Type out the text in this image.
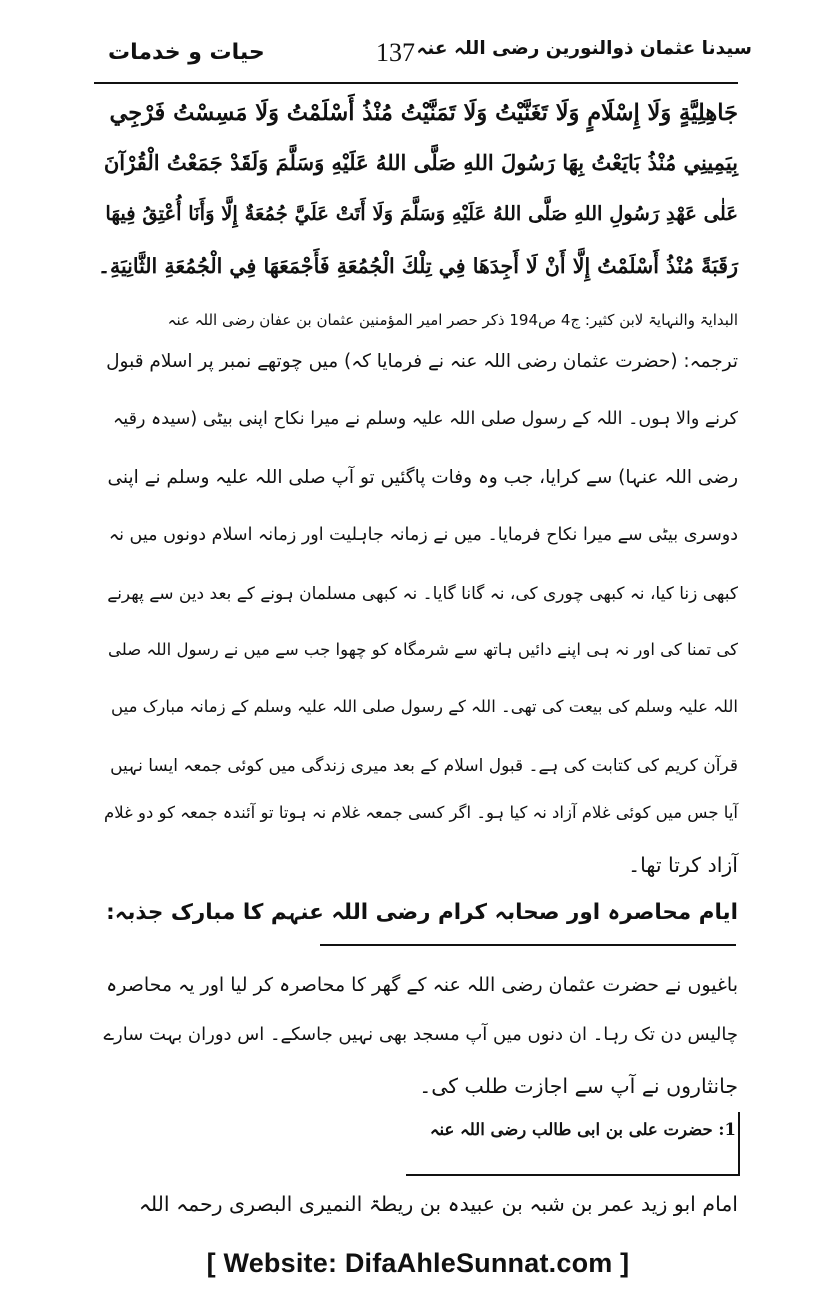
سیدنا عثمان ذوالنورین رضی اللہ عنہ
137
حیات و خدمات
جَاهِلِيَّةٍ وَلَا إِسْلَامٍ وَلَا تَغَنَّيْتُ وَلَا تَمَنَّيْتُ مُنْذُ أَسْلَمْتُ وَلَا مَسِسْتُ فَرْجِي
بِيَمِينِي مُنْذُ بَايَعْتُ بِهَا رَسُولَ اللهِ صَلَّى اللهُ عَلَيْهِ وَسَلَّمَ وَلَقَدْ جَمَعْتُ الْقُرْآنَ
عَلٰى عَهْدِ رَسُولِ اللهِ صَلَّى اللهُ عَلَيْهِ وَسَلَّمَ وَلَا أَتَتْ عَلَيَّ جُمُعَةٌ إِلَّا وَأَنَا أُعْتِقُ فِيهَا
رَقَبَةً مُنْذُ أَسْلَمْتُ إِلَّا أَنْ لَا أَجِدَهَا فِي تِلْكَ الْجُمُعَةِ فَأَجْمَعَهَا فِي الْجُمُعَةِ الثَّانِيَةِ۔
البدایۃ والنہایۃ لابن کثیر: ج4 ص194 ذکر حصر امیر المؤمنین عثمان بن عفان رضی اللہ عنہ
ترجمہ: (حضرت عثمان رضی اللہ عنہ نے فرمایا کہ) میں چوتھے نمبر پر اسلام قبول
کرنے والا ہوں۔ اللہ کے رسول صلی اللہ علیہ وسلم نے میرا نکاح اپنی بیٹی (سیدہ رقیہ
رضی اللہ عنہا) سے کرایا، جب وہ وفات پاگئیں تو آپ صلی اللہ علیہ وسلم نے اپنی
دوسری بیٹی سے میرا نکاح فرمایا۔ میں نے زمانہ جاہلیت اور زمانہ اسلام دونوں میں نہ
کبھی زنا کیا، نہ کبھی چوری کی، نہ گانا گایا۔ نہ کبھی مسلمان ہونے کے بعد دین سے پھرنے
کی تمنا کی اور نہ ہی اپنے دائیں ہاتھ سے شرمگاہ کو چھوا جب سے میں نے رسول اللہ صلی
اللہ علیہ وسلم کی بیعت کی تھی۔ اللہ کے رسول صلی اللہ علیہ وسلم کے زمانہ مبارک میں
قرآن کریم کی کتابت کی ہے۔ قبول اسلام کے بعد میری زندگی میں کوئی جمعہ ایسا نہیں
آیا جس میں کوئی غلام آزاد نہ کیا ہو۔ اگر کسی جمعہ غلام نہ ہوتا تو آئندہ جمعہ کو دو غلام
آزاد کرتا تھا۔
ایام محاصرہ اور صحابہ کرام رضی اللہ عنہم کا مبارک جذبہ:
باغیوں نے حضرت عثمان رضی اللہ عنہ کے گھر کا محاصرہ کر لیا اور یہ محاصرہ
چالیس دن تک رہا۔ ان دنوں میں آپ مسجد بھی نہیں جاسکے۔ اس دوران بہت سارے
جانثاروں نے آپ سے اجازت طلب کی۔
1: حضرت علی بن ابی طالب رضی اللہ عنہ
امام ابو زید عمر بن شبہ بن عبیدہ بن ریطۃ النمیری البصری رحمہ اللہ
[ Website: DifaAhleSunnat.com ]
